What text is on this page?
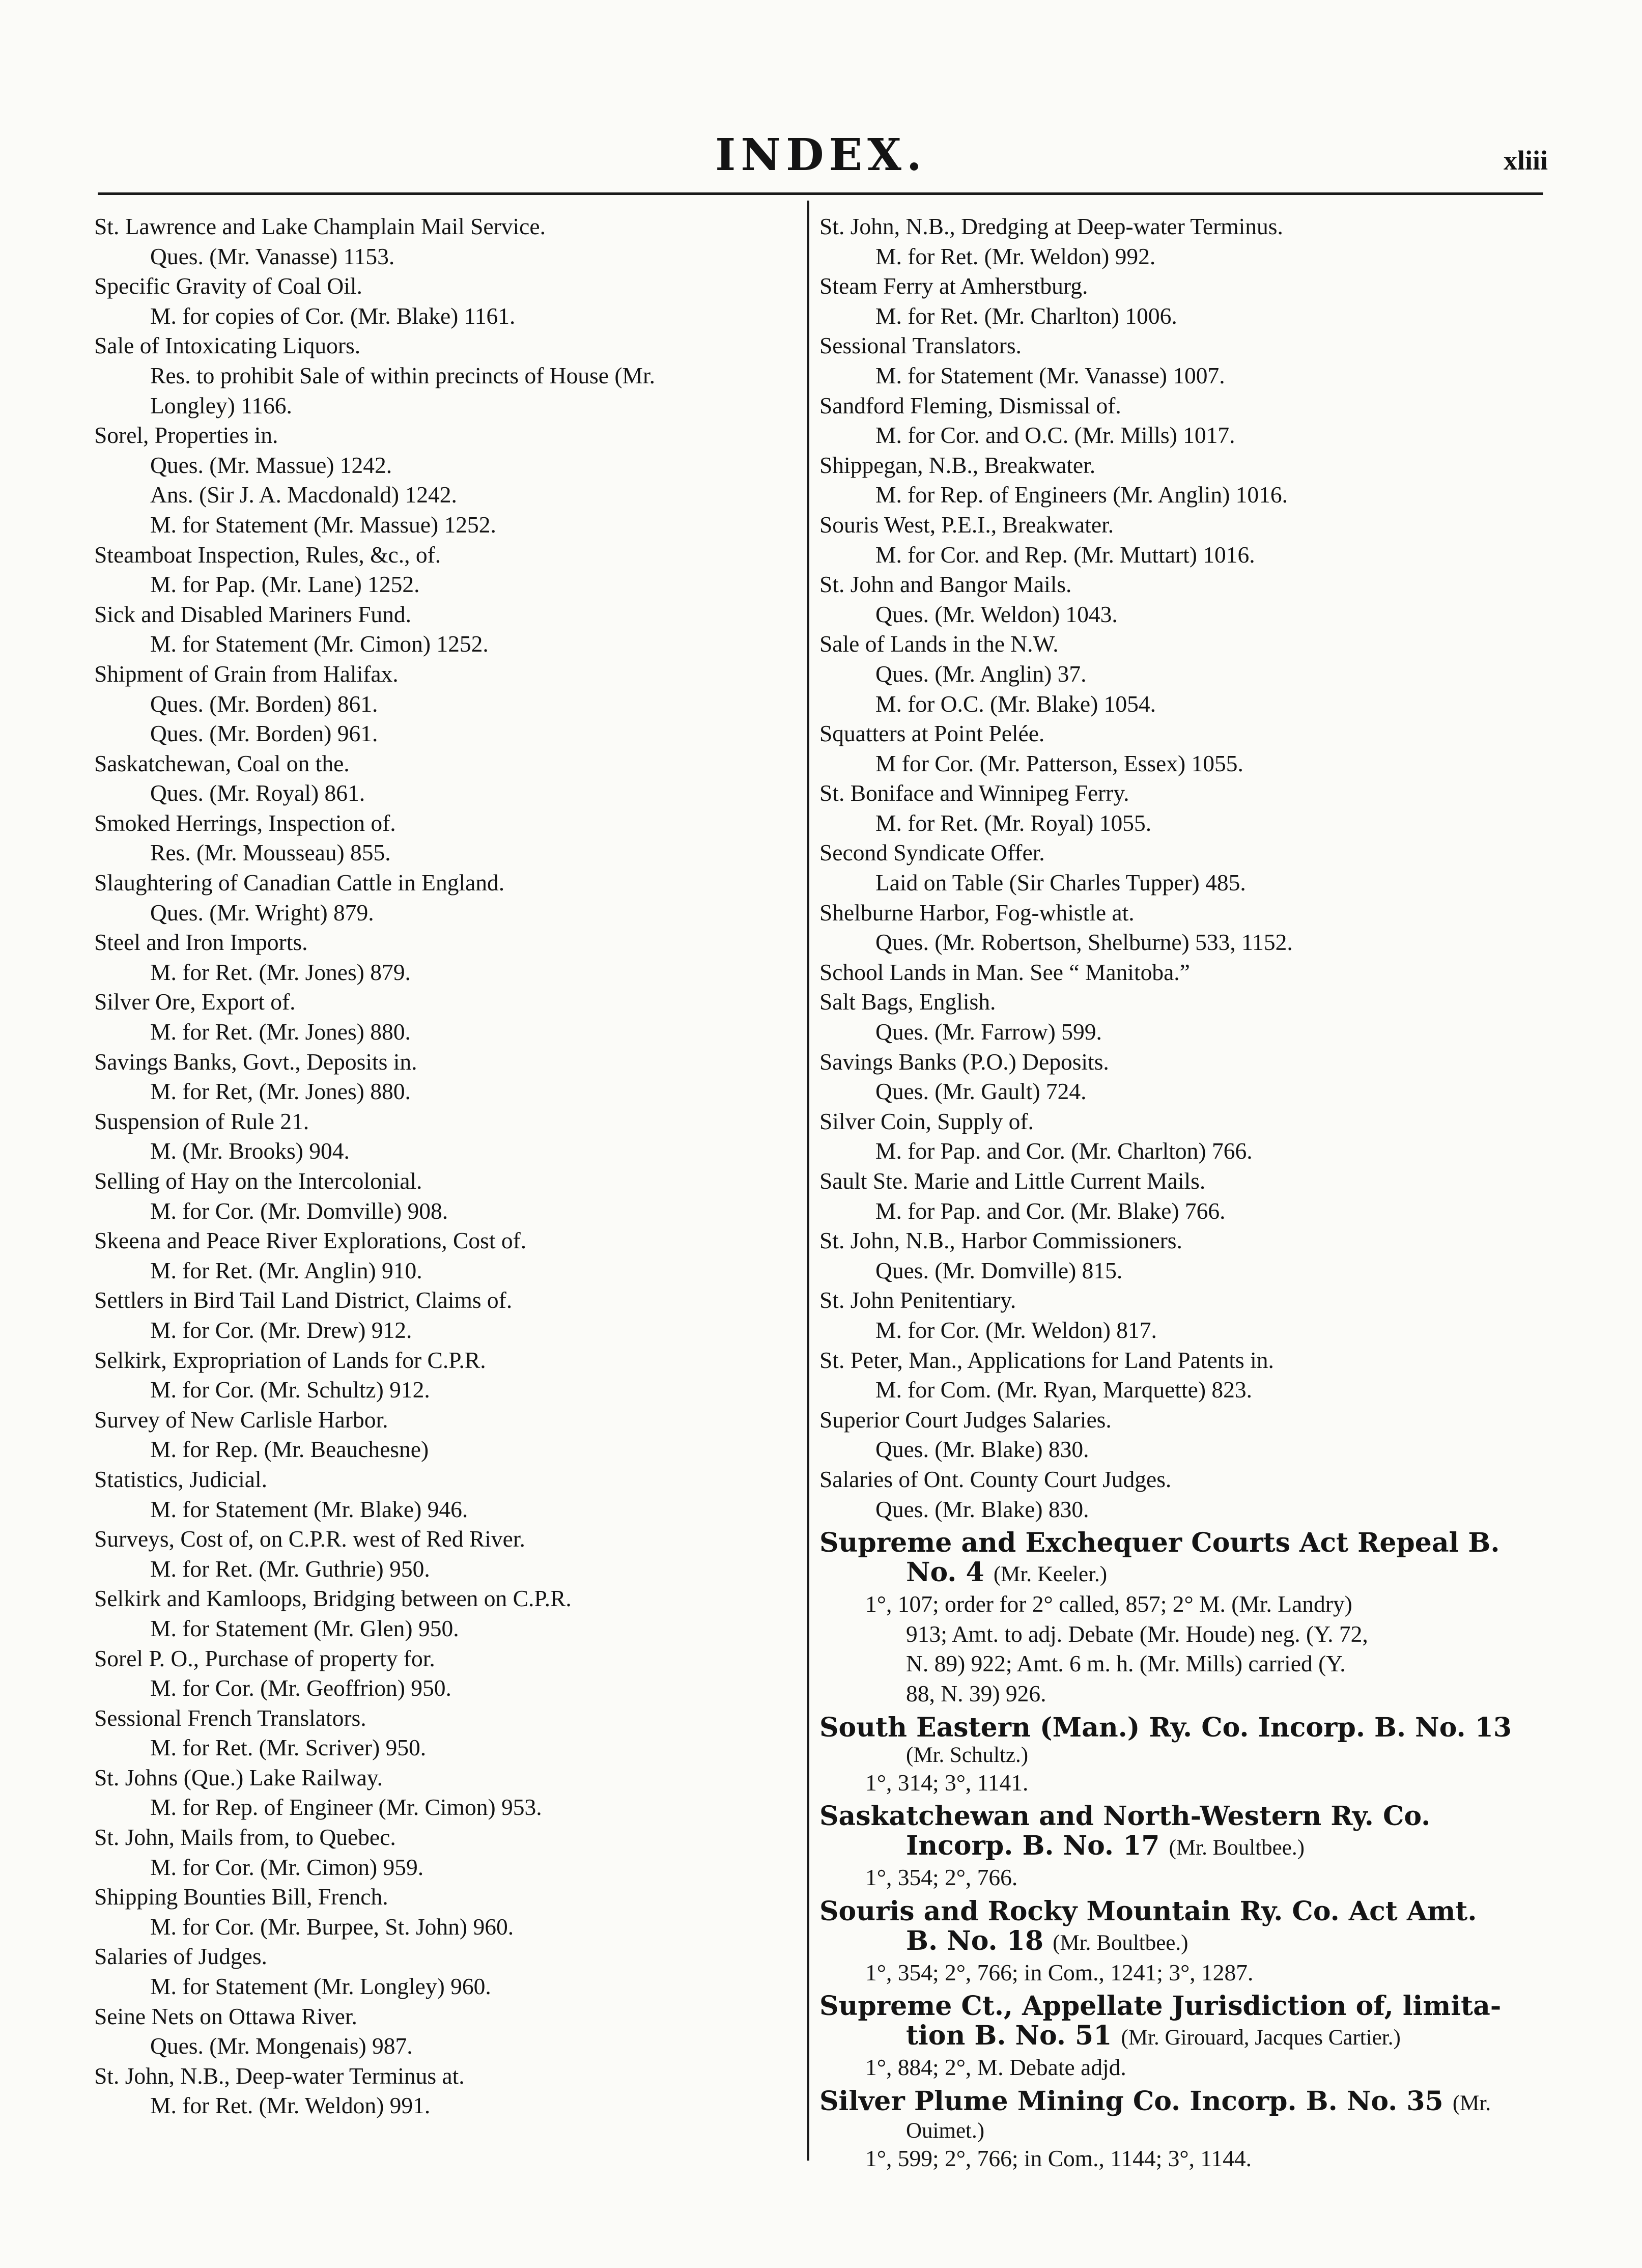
INDEX.	xliii
St. Lawrence and Lake Champlain Mail Service.
Ques. (Mr. Vanasse) 1153.
Specific Gravity of Coal Oil.
M. for copies of Cor. (Mr. Blake) 1161.
Sale of Intoxicating Liquors.
Res. to prohibit Sale of within precincts of House (Mr.
Longley) 1166.
Sorel, Properties in.
Ques. (Mr. Massue) 1242.
Ans. (Sir J. A. Macdonald) 1242.
M. for Statement (Mr. Massue) 1252.
Steamboat Inspection, Rules, &c., of.
M. for Pap. (Mr. Lane) 1252.
Sick and Disabled Mariners Fund.
M. for Statement (Mr. Cimon) 1252.
Shipment of Grain from Halifax.
Ques. (Mr. Borden) 861.
Ques. (Mr. Borden) 961.
Saskatchewan, Coal on the.
Ques. (Mr. Royal) 861.
Smoked Herrings, Inspection of.
Res. (Mr. Mousseau) 855.
Slaughtering of Canadian Cattle in England.
Ques. (Mr. Wright) 879.
Steel and Iron Imports.
M. for Ret. (Mr. Jones) 879.
Silver Ore, Export of.
M. for Ret. (Mr. Jones) 880.
Savings Banks, Govt., Deposits in.
M. for Ret, (Mr. Jones) 880.
Suspension of Rule 21.
M. (Mr. Brooks) 904.
Selling of Hay on the Intercolonial.
M. for Cor. (Mr. Domville) 908.
Skeena and Peace River Explorations, Cost of.
M. for Ret. (Mr. Anglin) 910.
Settlers in Bird Tail Land District, Claims of.
M. for Cor. (Mr. Drew) 912.
Selkirk, Expropriation of Lands for C.P.R.
M. for Cor. (Mr. Schultz) 912.
Survey of New Carlisle Harbor.
M. for Rep. (Mr. Beauchesne)
Statistics, Judicial.
M. for Statement (Mr. Blake) 946.
Surveys, Cost of, on C.P.R. west of Red River.
M. for Ret. (Mr. Guthrie) 950.
Selkirk and Kamloops, Bridging between on C.P.R.
M. for Statement (Mr. Glen) 950.
Sorel P. O., Purchase of property for.
M. for Cor. (Mr. Geoffrion) 950.
Sessional French Translators.
M. for Ret. (Mr. Scriver) 950.
St. Johns (Que.) Lake Railway.
M. for Rep. of Engineer (Mr. Cimon) 953.
St. John, Mails from, to Quebec.
M. for Cor. (Mr. Cimon) 959.
Shipping Bounties Bill, French.
M. for Cor. (Mr. Burpee, St. John) 960.
Salaries of Judges.
M. for Statement (Mr. Longley) 960.
Seine Nets on Ottawa River.
Ques. (Mr. Mongenais) 987.
St. John, N.B., Deep-water Terminus at.
M. for Ret. (Mr. Weldon) 991.
St. John, N.B., Dredging at Deep-water Terminus.
M. for Ret. (Mr. Weldon) 992.
Steam Ferry at Amherstburg.
M. for Ret. (Mr. Charlton) 1006.
Sessional Translators.
M. for Statement (Mr. Vanasse) 1007.
Sandford Fleming, Dismissal of.
M. for Cor. and O.C. (Mr. Mills) 1017.
Shippegan, N.B., Breakwater.
M. for Rep. of Engineers (Mr. Anglin) 1016.
Souris West, P.E.I., Breakwater.
M. for Cor. and Rep. (Mr. Muttart) 1016.
St. John and Bangor Mails.
Ques. (Mr. Weldon) 1043.
Sale of Lands in the N.W.
Ques. (Mr. Anglin) 37.
M. for O.C. (Mr. Blake) 1054.
Squatters at Point Pelée.
M for Cor. (Mr. Patterson, Essex) 1055.
St. Boniface and Winnipeg Ferry.
M. for Ret. (Mr. Royal) 1055.
Second Syndicate Offer.
Laid on Table (Sir Charles Tupper) 485.
Shelburne Harbor, Fog-whistle at.
Ques. (Mr. Robertson, Shelburne) 533, 1152.
School Lands in Man. See “ Manitoba.”
Salt Bags, English.
Ques. (Mr. Farrow) 599.
Savings Banks (P.O.) Deposits.
Ques. (Mr. Gault) 724.
Silver Coin, Supply of.
M. for Pap. and Cor. (Mr. Charlton) 766.
Sault Ste. Marie and Little Current Mails.
M. for Pap. and Cor. (Mr. Blake) 766.
St. John, N.B., Harbor Commissioners.
Ques. (Mr. Domville) 815.
St. John Penitentiary.
M. for Cor. (Mr. Weldon) 817.
St. Peter, Man., Applications for Land Patents in.
M. for Com. (Mr. Ryan, Marquette) 823.
Superior Court Judges Salaries.
Ques. (Mr. Blake) 830.
Salaries of Ont. County Court Judges.
Ques. (Mr. Blake) 830.
Supreme and Exchequer Courts Act Repeal B.
No. 4 (Mr. Keeler.)
1°, 107; order for 2° called, 857; 2° M. (Mr. Landry)
913; Amt. to adj. Debate (Mr. Houde) neg. (Y. 72,
N. 89) 922; Amt. 6 m. h. (Mr. Mills) carried (Y.
88, N. 39) 926.
South Eastern (Man.) Ry. Co. Incorp. B. No. 13
(Mr. Schultz.)
1°, 314; 3°, 1141.
Saskatchewan and North-Western Ry. Co.
Incorp. B. No. 17 (Mr. Boultbee.)
1°, 354; 2°, 766.
Souris and Rocky Mountain Ry. Co. Act Amt.
B. No. 18 (Mr. Boultbee.)
1°, 354; 2°, 766; in Com., 1241; 3°, 1287.
Supreme Ct., Appellate Jurisdiction of, limita-
tion B. No. 51 (Mr. Girouard, Jacques Cartier.)
1°, 884; 2°, M. Debate adjd.
Silver Plume Mining Co. Incorp. B. No. 35 (Mr.
Ouimet.)
1°, 599; 2°, 766; in Com., 1144; 3°, 1144.
